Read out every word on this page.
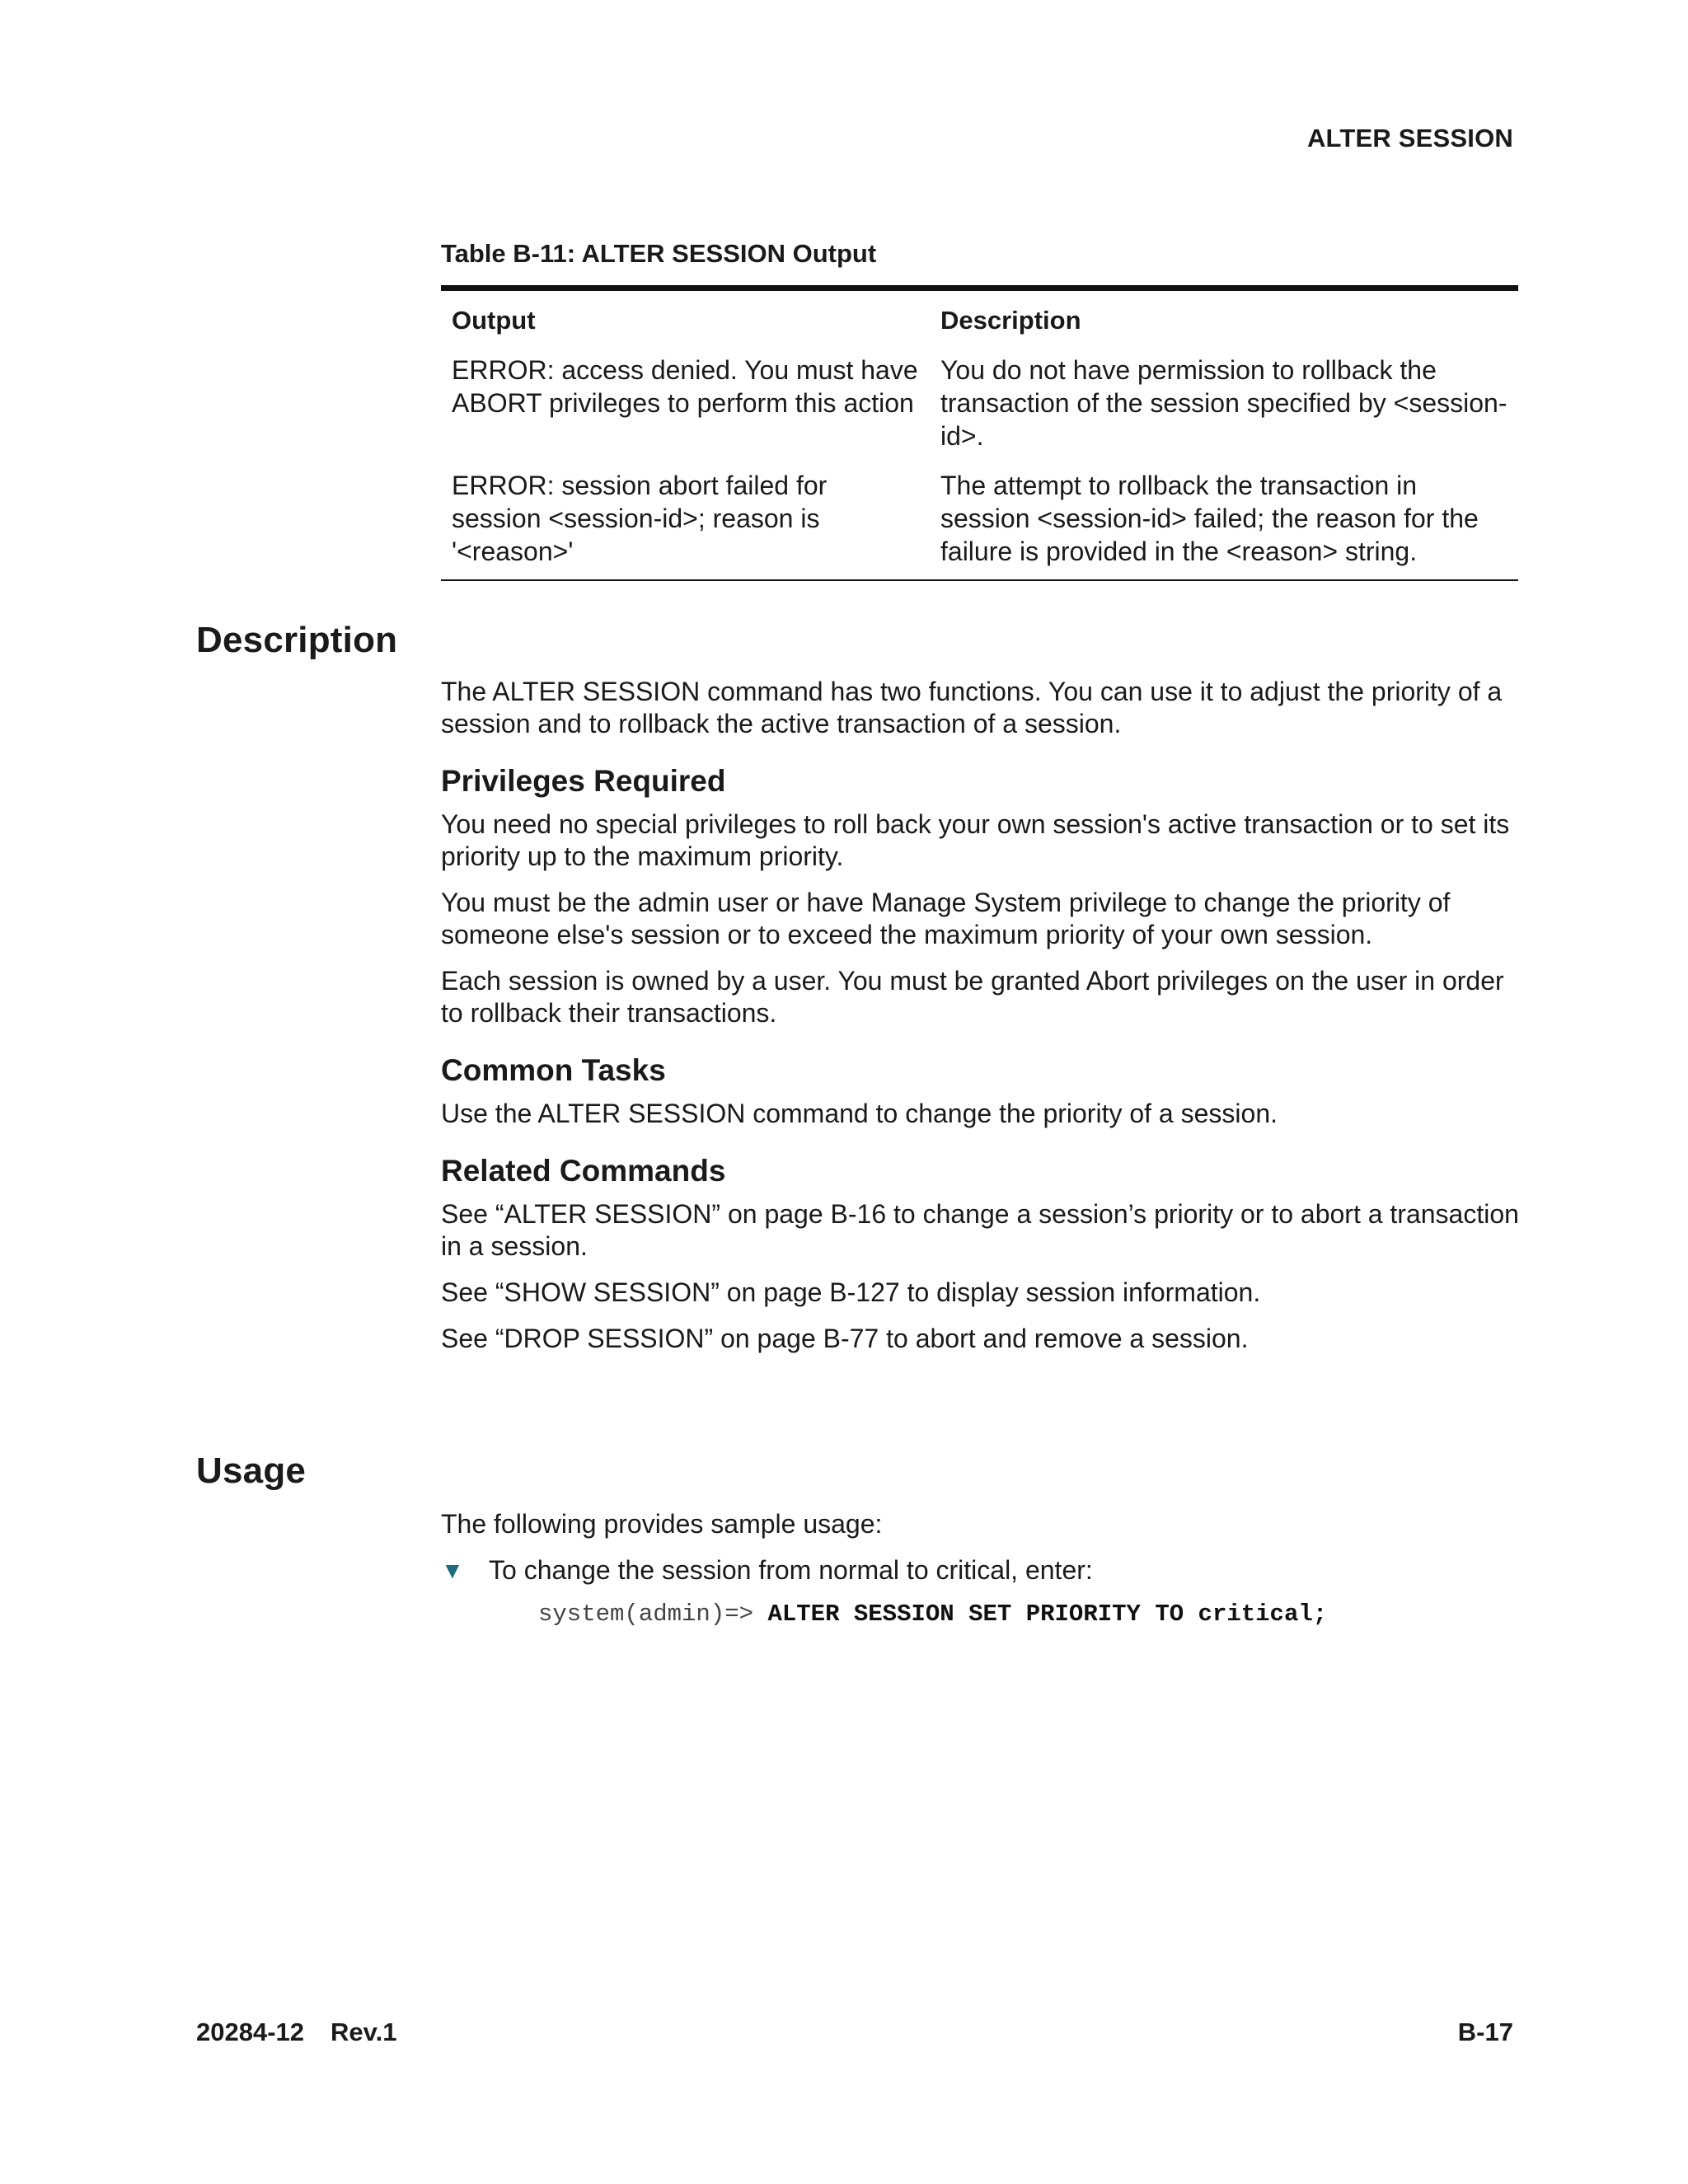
ALTER SESSION
Table B-11: ALTER SESSION Output
Output	Description
ERROR: access denied. You must have ABORT privileges to perform this action	You do not have permission to rollback the transaction of the session specified by <session-id>.
ERROR: session abort failed for session <session-id>; reason is '<reason>'	The attempt to rollback the transaction in session <session-id> failed; the reason for the failure is provided in the <reason> string.
Description

The ALTER SESSION command has two functions. You can use it to adjust the priority of a session and to rollback the active transaction of a session.

Privileges Required

You need no special privileges to roll back your own session's active transaction or to set its priority up to the maximum priority.

You must be the admin user or have Manage System privilege to change the priority of someone else's session or to exceed the maximum priority of your own session.

Each session is owned by a user. You must be granted Abort privileges on the user in order to rollback their transactions.

Common Tasks

Use the ALTER SESSION command to change the priority of a session.

Related Commands

See “ALTER SESSION” on page B-16 to change a session’s priority or to abort a transaction in a session.

See “SHOW SESSION” on page B-127 to display session information.

See “DROP SESSION” on page B-77 to abort and remove a session.

Usage

The following provides sample usage:

▼ To change the session from normal to critical, enter:
system(admin)=> ALTER SESSION SET PRIORITY TO critical;
20284-12 Rev.1	B-17
